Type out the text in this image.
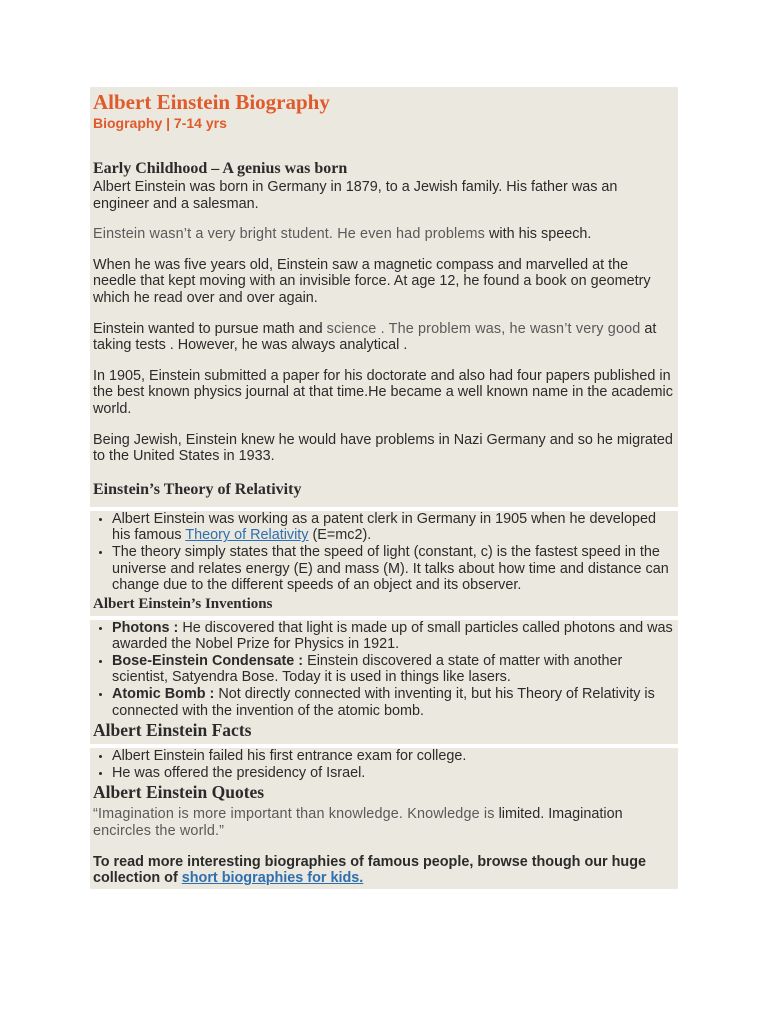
Albert Einstein Biography
Biography | 7-14 yrs
Early Childhood – A genius was born

Albert Einstein was born in Germany in 1879, to a Jewish family. His father was an engineer and a salesman.

Einstein wasn’t a very bright student. He even had problems with his speech.

When he was five years old, Einstein saw a magnetic compass and marvelled at the needle that kept moving with an invisible force. At age 12, he found a book on geometry which he read over and over again.

Einstein wanted to pursue math and science . The problem was, he wasn’t very good at taking tests . However, he was always analytical .

In 1905, Einstein submitted a paper for his doctorate and also had four papers published in the best known physics journal at that time.He became a well known name in the academic world.

Being Jewish, Einstein knew he would have problems in Nazi Germany and so he migrated to the United States in 1933.

Einstein’s Theory of Relativity
• Albert Einstein was working as a patent clerk in Germany in 1905 when he developed his famous Theory of Relativity (E=mc2).
• The theory simply states that the speed of light (constant, c) is the fastest speed in the universe and relates energy (E) and mass (M). It talks about how time and distance can change due to the different speeds of an object and its observer.
Albert Einstein’s Inventions
• Photons : He discovered that light is made up of small particles called photons and was awarded the Nobel Prize for Physics in 1921.
• Bose-Einstein Condensate : Einstein discovered a state of matter with another scientist, Satyendra Bose. Today it is used in things like lasers.
• Atomic Bomb : Not directly connected with inventing it, but his Theory of Relativity is connected with the invention of the atomic bomb.
Albert Einstein Facts
• Albert Einstein failed his first entrance exam for college.
• He was offered the presidency of Israel.
Albert Einstein Quotes

“Imagination is more important than knowledge. Knowledge is limited. Imagination encircles the world.”

To read more interesting biographies of famous people, browse though our huge collection of short biographies for kids.
